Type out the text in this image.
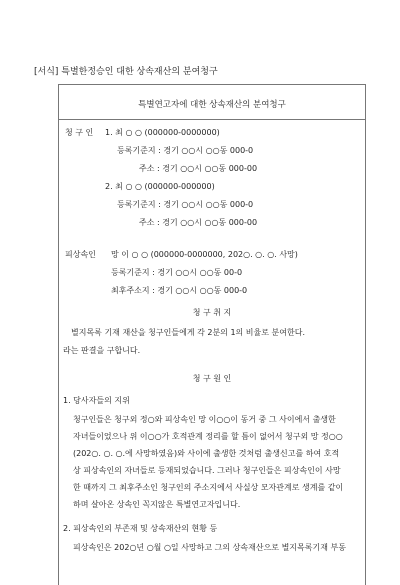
[서식] 특별한정승인 대한 상속재산의 분여청구
특별연고자에 대한 상속재산의 분여청구
청 구 인 1. 최 ○ ○ (000000-0000000)
등록기준지 : 경기 ○○시 ○○동 000-0
주소 : 경기 ○○시 ○○동 000-00
2. 최 ○ ○ (000000-000000)
등록기준지 : 경기 ○○시 ○○동 000-0
주소 : 경기 ○○시 ○○동 000-00
피상속인 망 이 ○ ○ (000000-0000000, 202○. ○. ○. 사망)
등록기준지 : 경기 ○○시 ○○동 00-0
최후주소지 : 경기 ○○시 ○○동 000-0
청 구 취 지
별지목록 기재 재산을 청구인들에게 각 2분의 1의 비율로 분여한다.
라는 판결을 구합니다.
청 구 원 인
1. 당사자들의 지위
청구인들은 청구외 정○와 피상속인 망 이○○이 동거 중 그 사이에서 출생한
자녀들이었으나 위 이○○가 호적관계 정리를 할 틈이 없어서 청구외 망 정○○
(202○. ○. ○.에 사망하였음)와 사이에 출생한 것처럼 출생신고를 하여 호적
상 피상속인의 자녀들로 등재되었습니다. 그러나 청구인들은 피상속인이 사망
한 때까지 그 최후주소인 청구인의 주소지에서 사실상 모자관계로 생계를 같이
하며 살아온 상속인 꼭지않은 특별연고자입니다.
2. 피상속인의 부존재 및 상속재산의 현황 등
피상속인은 202○년 ○월 ○일 사망하고 그의 상속재산으로 별지목록기재 부동
